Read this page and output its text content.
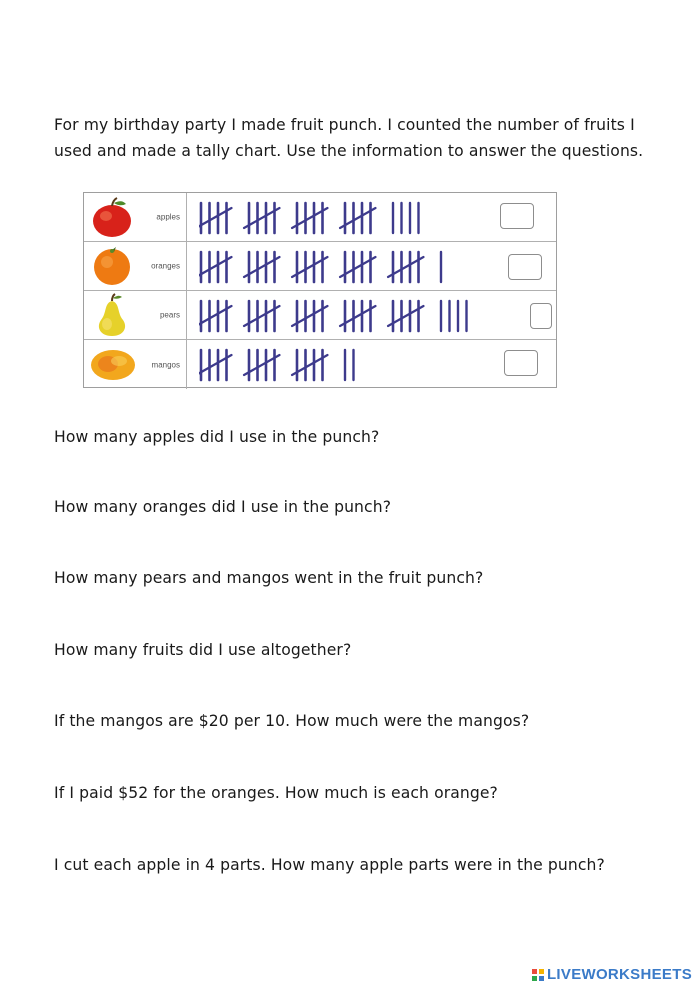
For my birthday party I made fruit punch. I counted the number of fruits I

used and made a tally chart. Use the information to answer the questions.

apples
oranges
pears
mangos

How many apples did I use in the punch?

How many oranges did I use in the punch?

How many pears and mangos went in the fruit punch?

How many fruits did I use altogether?

If the mangos are $20 per 10. How much were the mangos?

If I paid $52 for the oranges. How much is each orange?

I cut each apple in 4 parts. How many apple parts were in the punch?

LIVEWORKSHEETS
